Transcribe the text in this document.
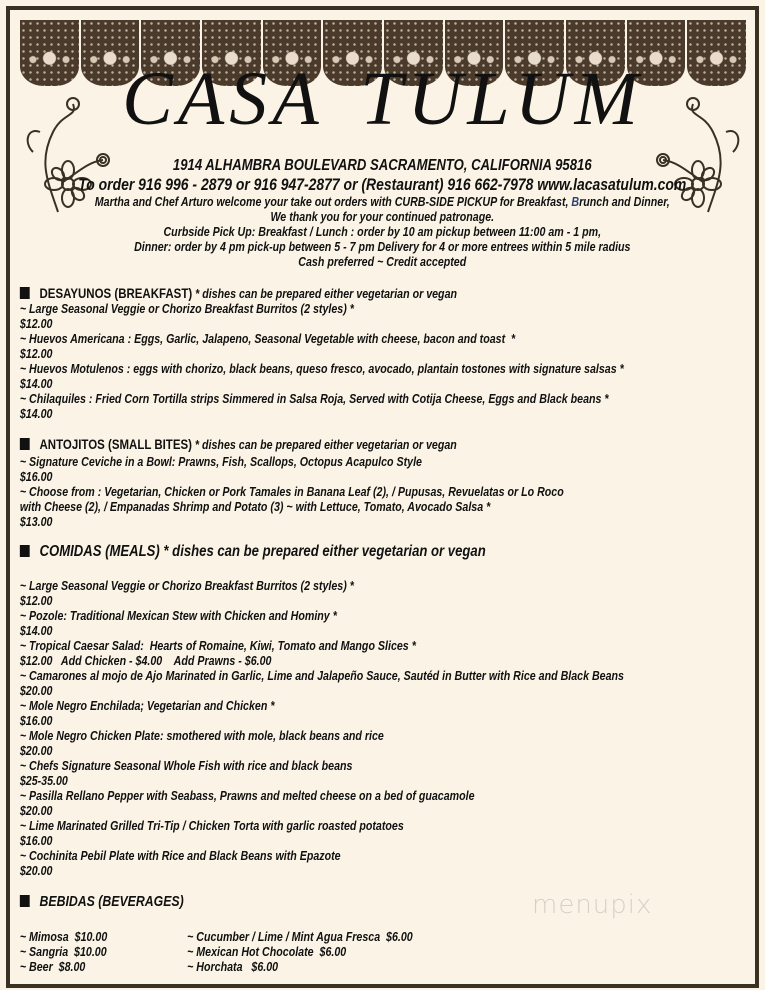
CASA TULUM
1914 ALHAMBRA BOULEVARD SACRAMENTO, CALIFORNIA 95816
To order 916 996 - 2879 or 916 947-2877 or (Restaurant) 916 662-7978 www.lacasatulum.com
Martha and Chef Arturo welcome your take out orders with CURB-SIDE PICKUP for Breakfast, Brunch and Dinner,
We thank you for your continued patronage.
Curbside Pick Up: Breakfast / Lunch : order by 10 am pickup between 11:00 am - 1 pm,
Dinner: order by 4 pm pick-up between 5 - 7 pm Delivery for 4 or more entrees within 5 mile radius
Cash preferred ~ Credit accepted
DESAYUNOS (BREAKFAST) * dishes can be prepared either vegetarian or vegan
~ Large Seasonal Veggie or Chorizo Breakfast Burritos (2 styles) *
$12.00
~ Huevos Americana : Eggs, Garlic, Jalapeno, Seasonal Vegetable with cheese, bacon and toast  *
$12.00
~ Huevos Motulenos : eggs with chorizo, black beans, queso fresco, avocado, plantain tostones with signature salsas *
$14.00
~ Chilaquiles : Fried Corn Tortilla strips Simmered in Salsa Roja, Served with Cotija Cheese, Eggs and Black beans *
$14.00
ANTOJITOS (SMALL BITES) * dishes can be prepared either vegetarian or vegan
~ Signature Ceviche in a Bowl: Prawns, Fish, Scallops, Octopus Acapulco Style
$16.00
~ Choose from : Vegetarian, Chicken or Pork Tamales in Banana Leaf (2), / Pupusas, Revuelatas or Lo Roco
with Cheese (2), / Empanadas Shrimp and Potato (3) ~ with Lettuce, Tomato, Avocado Salsa *
$13.00
COMIDAS (MEALS) * dishes can be prepared either vegetarian or vegan
~ Large Seasonal Veggie or Chorizo Breakfast Burritos (2 styles) *
$12.00
~ Pozole: Traditional Mexican Stew with Chicken and Hominy *
$14.00
~ Tropical Caesar Salad:  Hearts of Romaine, Kiwi, Tomato and Mango Slices *
$12.00   Add Chicken - $4.00    Add Prawns - $6.00
~ Camarones al mojo de Ajo Marinated in Garlic, Lime and Jalapeño Sauce, Sautéd in Butter with Rice and Black Beans
$20.00
~ Mole Negro Enchilada; Vegetarian and Chicken *
$16.00
~ Mole Negro Chicken Plate: smothered with mole, black beans and rice
$20.00
~ Chefs Signature Seasonal Whole Fish with rice and black beans
$25-35.00
~ Pasilla Rellano Pepper with Seabass, Prawns and melted cheese on a bed of guacamole
$20.00
~ Lime Marinated Grilled Tri-Tip / Chicken Torta with garlic roasted potatoes
$16.00
~ Cochinita Pebil Plate with Rice and Black Beans with Epazote
$20.00
BEBIDAS (BEVERAGES)
~ Mimosa  $10.00
~ Sangria  $10.00
~ Beer  $8.00
~ Cucumber / Lime / Mint Agua Fresca  $6.00
~ Mexican Hot Chocolate  $6.00
~ Horchata   $6.00
menupix
